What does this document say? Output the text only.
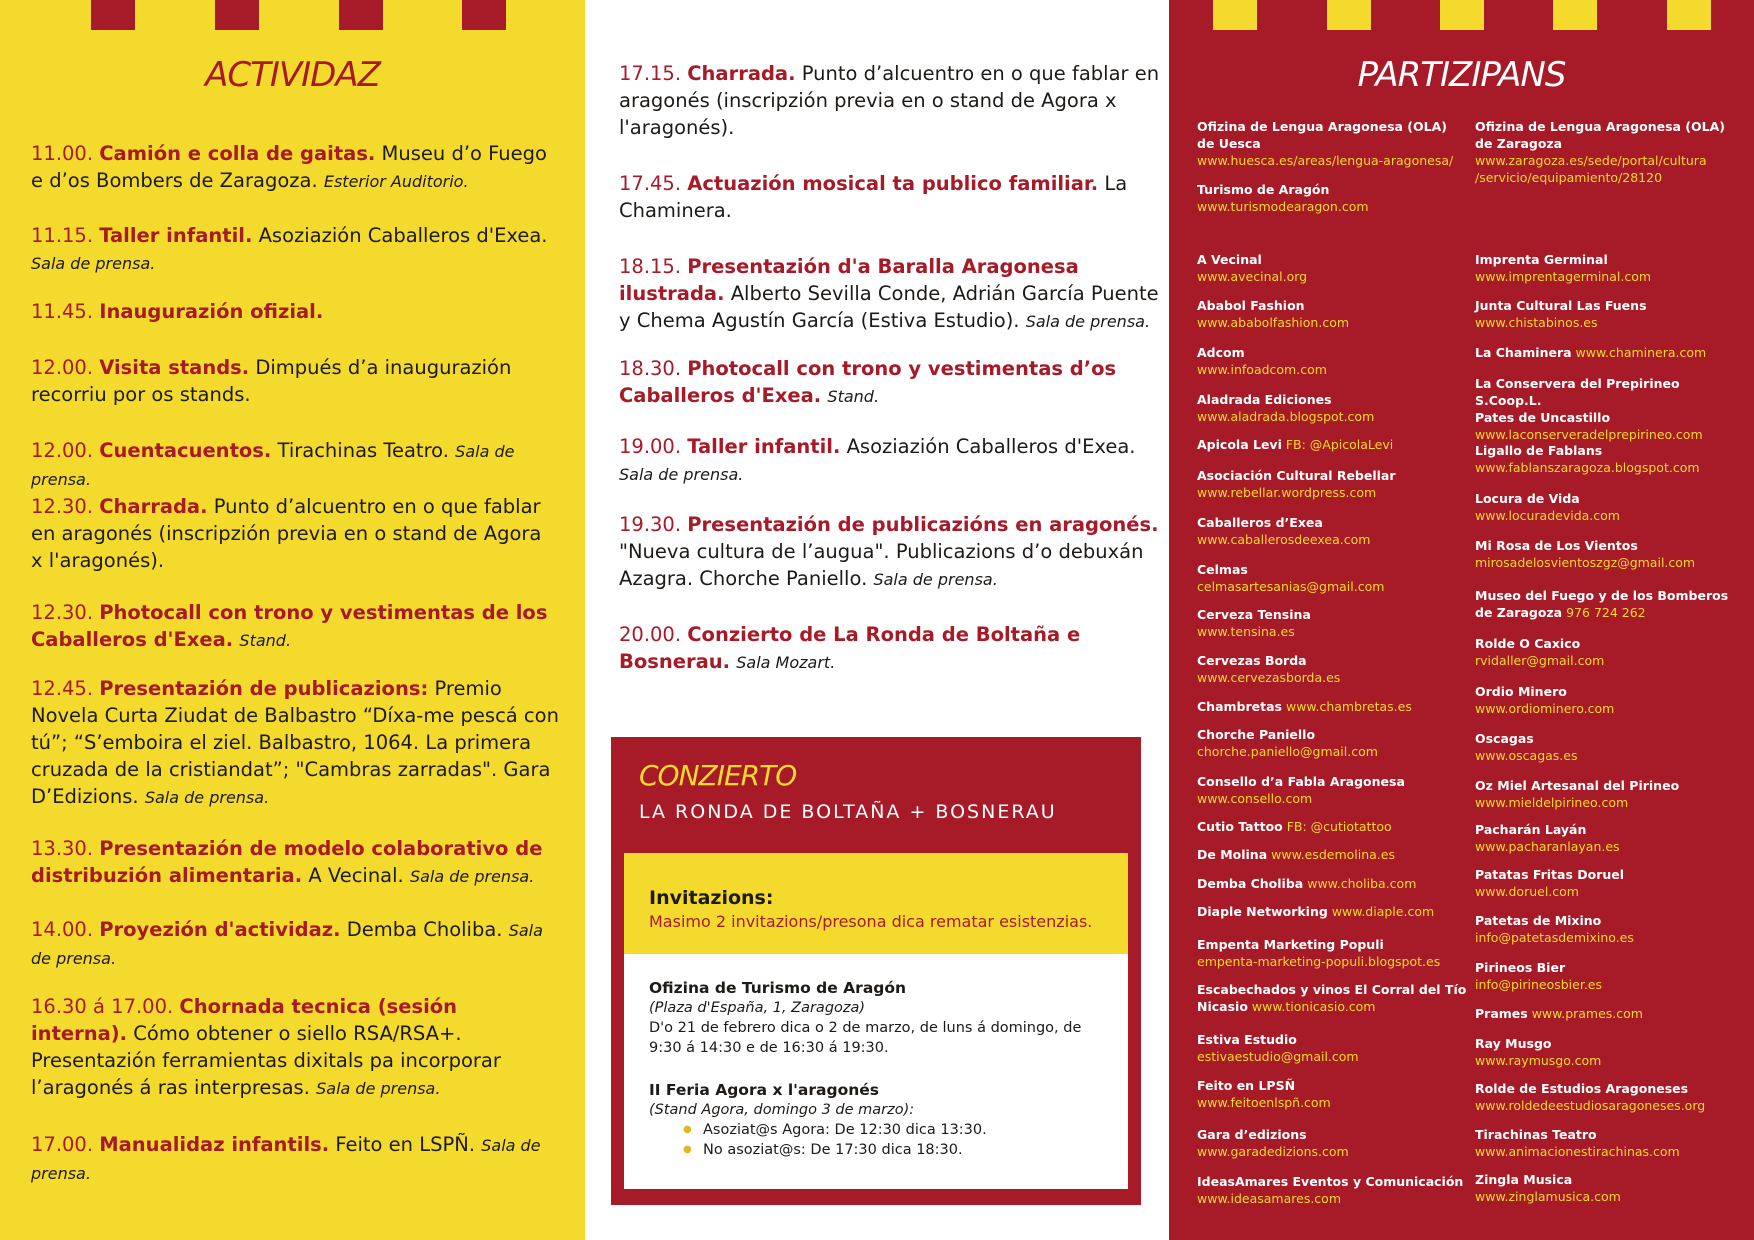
ACTIVIDAZ
11.00. Camión e colla de gaitas. Museu d’o Fuego e d’os Bombers de Zaragoza. Esterior Auditorio.
11.15. Taller infantil. Asoziazión Caballeros d'Exea. Sala de prensa.
11.45. Inaugurazión ofizial.
12.00. Visita stands. Dimpués d’a inaugurazión recorriu por os stands.
12.00. Cuentacuentos. Tirachinas Teatro. Sala de prensa.
12.30. Charrada. Punto d’alcuentro en o que fablar en aragonés (inscripzión previa en o stand de Agora x l'aragonés).
12.30. Photocall con trono y vestimentas de los Caballeros d'Exea. Stand.
12.45. Presentazión de publicazions: Premio Novela Curta Ziudat de Balbastro “Díxa-me pescá con tú”; “S’emboira el ziel. Balbastro, 1064. La primera cruzada de la cristiandat”; "Cambras zarradas". Gara D’Edizions. Sala de prensa.
13.30. Presentazión de modelo colaborativo de distribuzión alimentaria. A Vecinal. Sala de prensa.
14.00. Proyezión d'actividaz. Demba Choliba. Sala de prensa.
16.30 á 17.00. Chornada tecnica (sesión interna). Cómo obtener o siello RSA/RSA+. Presentazión ferramientas dixitals pa incorporar l’aragonés á ras interpresas. Sala de prensa.
17.00. Manualidaz infantils. Feito en LSPÑ. Sala de prensa.
17.15. Charrada. Punto d’alcuentro en o que fablar en aragonés (inscripzión previa en o stand de Agora x l'aragonés).
17.45. Actuazión mosical ta publico familiar. La Chaminera.
18.15. Presentazión d'a Baralla Aragonesa ilustrada. Alberto Sevilla Conde, Adrián García Puente y Chema Agustín García (Estiva Estudio). Sala de prensa.
18.30. Photocall con trono y vestimentas d’os Caballeros d'Exea. Stand.
19.00. Taller infantil. Asoziazión Caballeros d'Exea. Sala de prensa.
19.30. Presentazión de publicazións en aragonés. "Nueva cultura de l’augua". Publicazions d’o debuxán Azagra. Chorche Paniello. Sala de prensa.
20.00. Conzierto de La Ronda de Boltaña e Bosnerau. Sala Mozart.
CONZIERTO
LA RONDA DE BOLTAÑA + BOSNERAU
Invitazions:
Masimo 2 invitazions/presona dica rematar esistenzias.
Ofizina de Turismo de Aragón
(Plaza d'España, 1, Zaragoza)
D'o 21 de febrero dica o 2 de marzo, de luns á domingo, de 9:30 á 14:30 e de 16:30 á 19:30.
II Feria Agora x l'aragonés
(Stand Agora, domingo 3 de marzo):
● Asoziat@s Agora: De 12:30 dica 13:30.
● No asoziat@s: De 17:30 dica 18:30.
PARTIZIPANS
Ofizina de Lengua Aragonesa (OLA)
de Uesca
www.huesca.es/areas/lengua-aragonesa/
Turismo de Aragón
www.turismodearagon.com
A Vecinal
www.avecinal.org
Ababol Fashion
www.ababolfashion.com
Adcom
www.infoadcom.com
Aladrada Ediciones
www.aladrada.blogspot.com
Apicola Levi FB: @ApicolaLevi
Asociación Cultural Rebellar
www.rebellar.wordpress.com
Caballeros d’Exea
www.caballerosdeexea.com
Celmas
celmasartesanias@gmail.com
Cerveza Tensina
www.tensina.es
Cervezas Borda
www.cervezasborda.es
Chambretas www.chambretas.es
Chorche Paniello
chorche.paniello@gmail.com
Consello d’a Fabla Aragonesa
www.consello.com
Cutio Tattoo FB: @cutiotattoo
De Molina www.esdemolina.es
Demba Choliba www.choliba.com
Diaple Networking www.diaple.com
Empenta Marketing Populi
empenta-marketing-populi.blogspot.es
Escabechados y vinos El Corral del Tío
Nicasio www.tionicasio.com
Estiva Estudio
estivaestudio@gmail.com
Feito en LPSÑ
www.feitoenlspñ.com
Gara d’edizions
www.garadedizions.com
IdeasAmares Eventos y Comunicación
www.ideasamares.com
Ofizina de Lengua Aragonesa (OLA)
de Zaragoza
www.zaragoza.es/sede/portal/cultura
/servicio/equipamiento/28120
Imprenta Germinal
www.imprentagerminal.com
Junta Cultural Las Fuens
www.chistabinos.es
La Chaminera www.chaminera.com
La Conservera del Prepirineo S.Coop.L.
Pates de Uncastillo
www.laconserveradelprepirineo.com
Ligallo de Fablans
www.fablanszaragoza.blogspot.com
Locura de Vida
www.locuradevida.com
Mi Rosa de Los Vientos
mirosadelosvientoszgz@gmail.com
Museo del Fuego y de los Bomberos
de Zaragoza 976 724 262
Rolde O Caxico
rvidaller@gmail.com
Ordio Minero
www.ordiominero.com
Oscagas
www.oscagas.es
Oz Miel Artesanal del Pirineo
www.mieldelpirineo.com
Pacharán Layán
www.pacharanlayan.es
Patatas Fritas Doruel
www.doruel.com
Patetas de Mixino
info@patetasdemixino.es
Pirineos Bier
info@pirineosbier.es
Prames www.prames.com
Ray Musgo
www.raymusgo.com
Rolde de Estudios Aragoneses
www.roldedeestudiosaragoneses.org
Tirachinas Teatro
www.animacionestirachinas.com
Zingla Musica
www.zinglamusica.com
